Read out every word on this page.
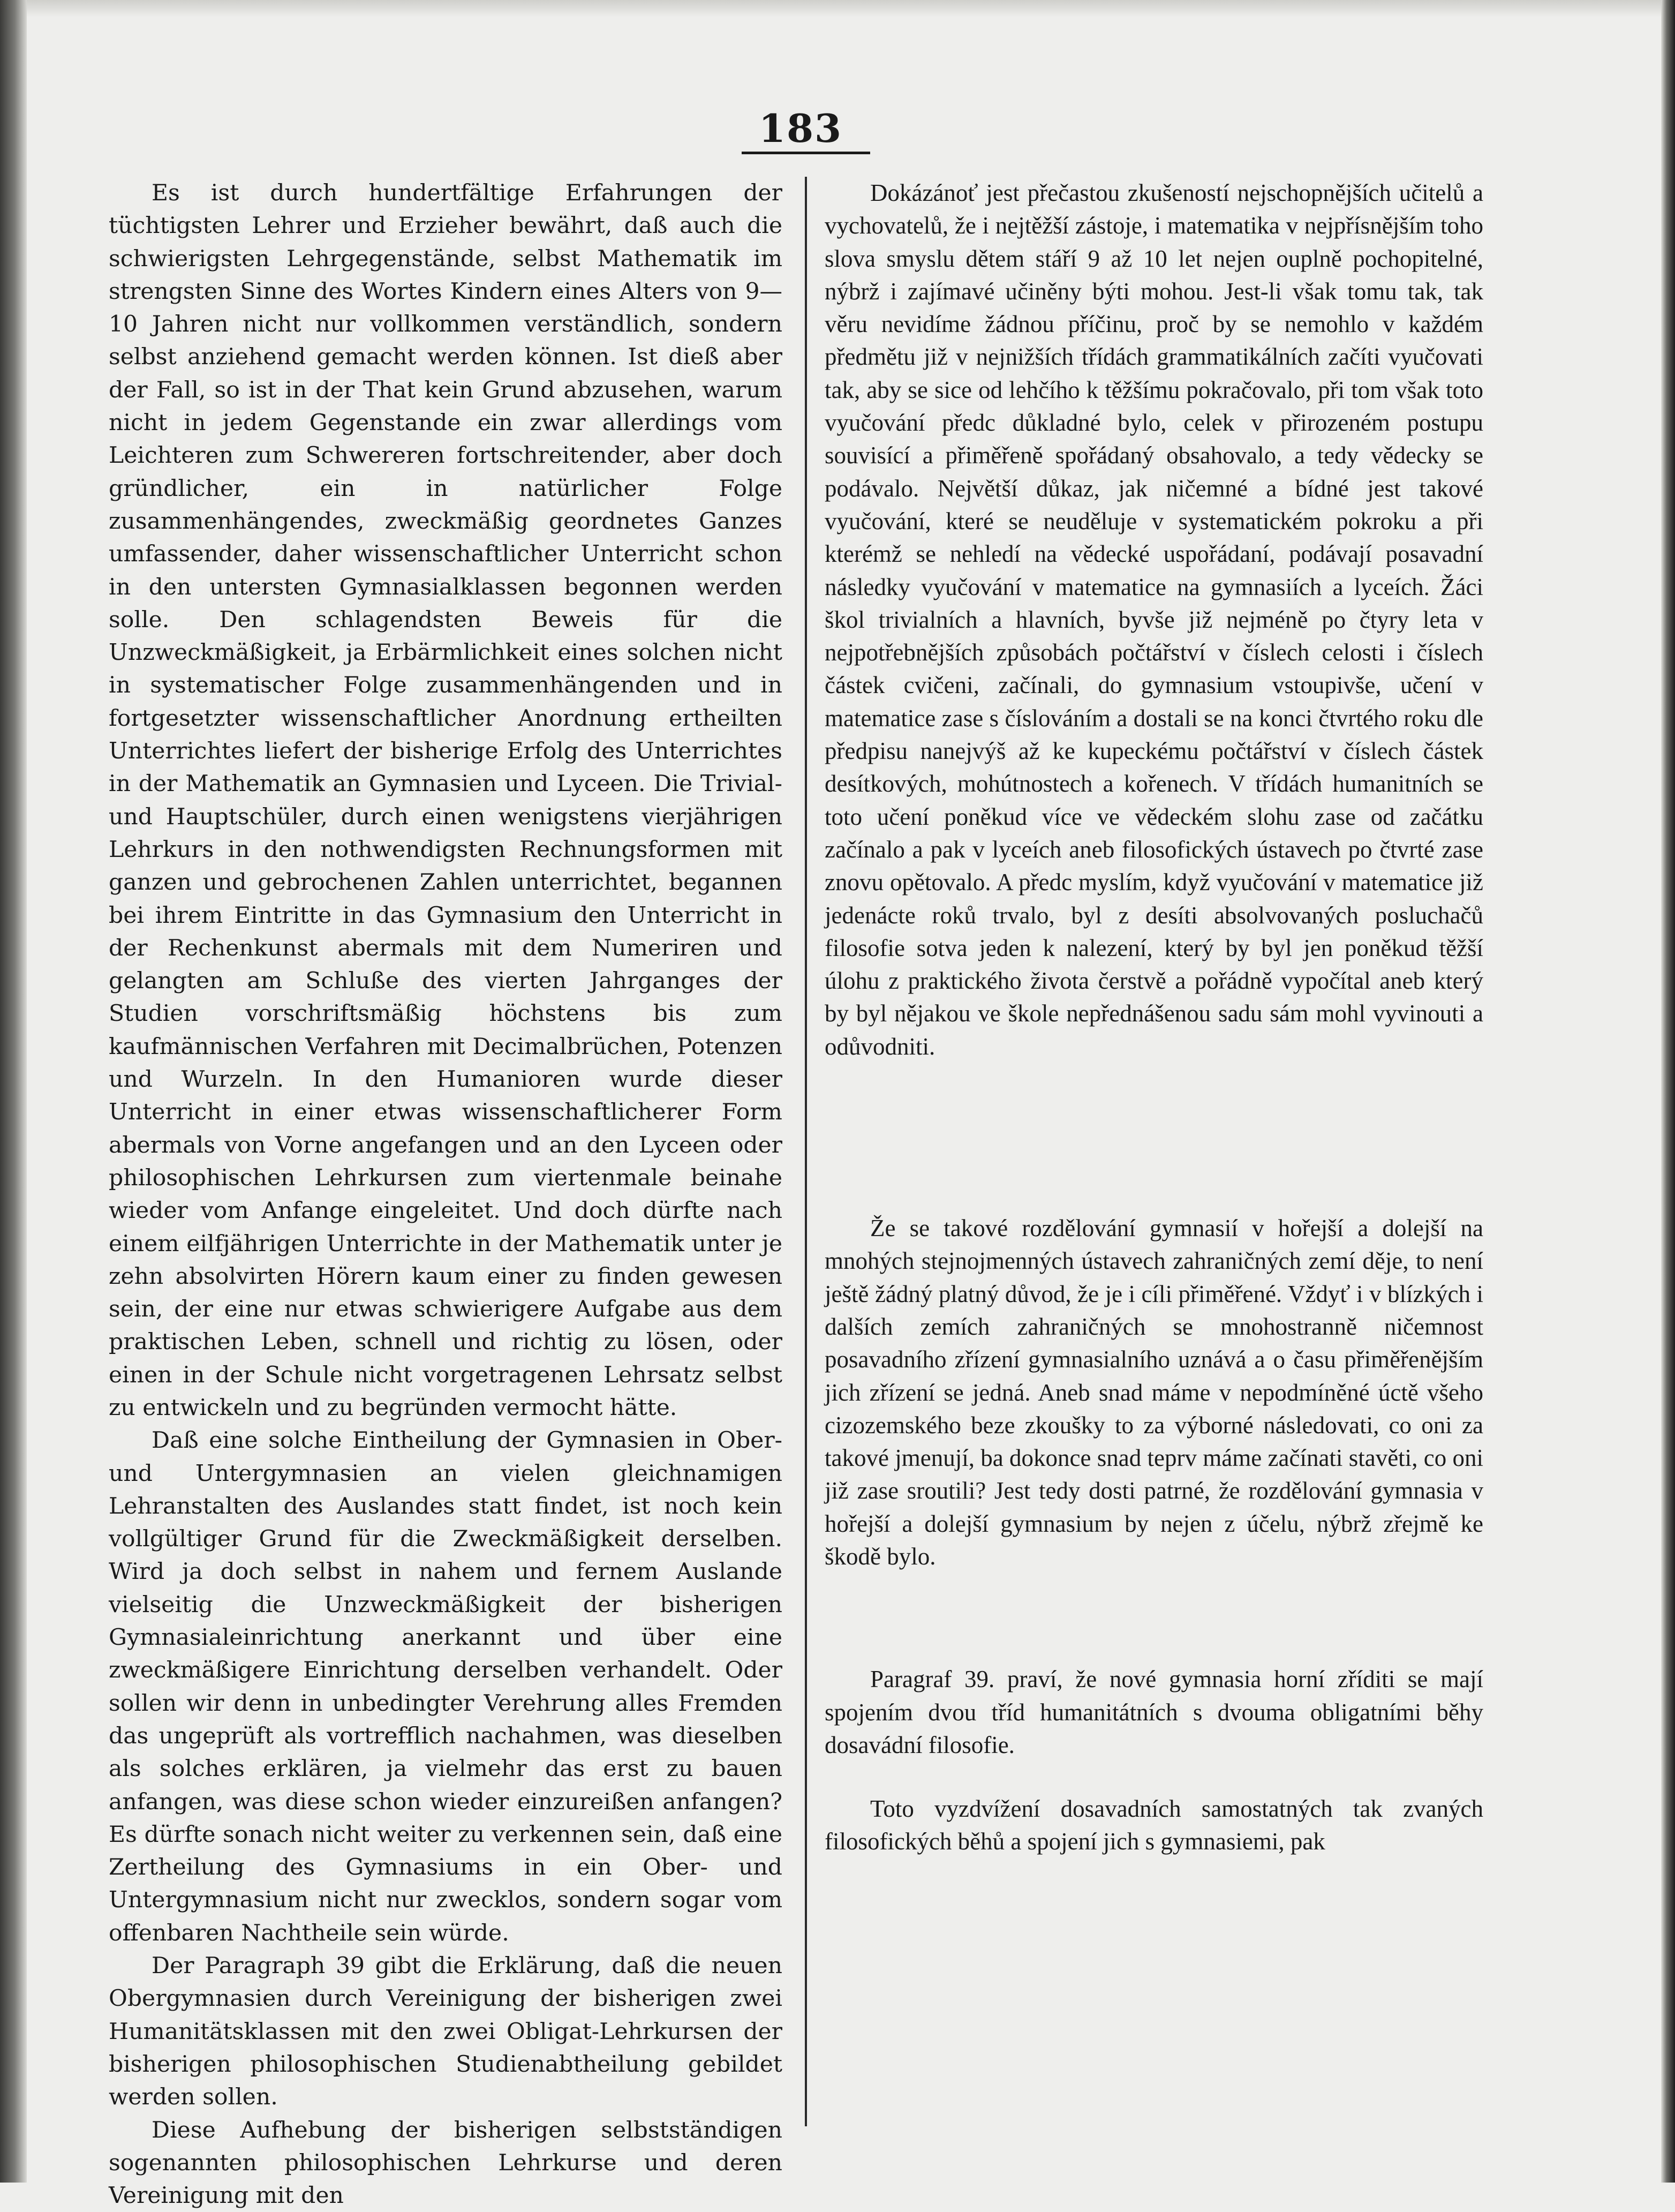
183

Es ist durch hundertfältige Erfahrungen der tüchtigsten Lehrer und Erzieher bewährt, daß auch die schwierigsten Lehrgegenstände, selbst Mathematik im strengsten Sinne des Wortes Kindern eines Alters von 9—10 Jahren nicht nur vollkommen verständlich, sondern selbst anziehend gemacht werden können. Ist dieß aber der Fall, so ist in der That kein Grund abzusehen, warum nicht in jedem Gegenstande ein zwar allerdings vom Leichteren zum Schwereren fortschreitender, aber doch gründlicher, ein in natürlicher Folge zusammenhängendes, zweckmäßig geordnetes Ganzes umfassender, daher wissenschaftlicher Unterricht schon in den untersten Gymnasialklassen begonnen werden solle. Den schlagendsten Beweis für die Unzweckmäßigkeit, ja Erbärmlichkeit eines solchen nicht in systematischer Folge zusammenhängenden und in fortgesetzter wissenschaftlicher Anordnung ertheilten Unterrichtes liefert der bisherige Erfolg des Unterrichtes in der Mathematik an Gymnasien und Lyceen. Die Trivial- und Hauptschüler, durch einen wenigstens vierjährigen Lehrkurs in den nothwendigsten Rechnungsformen mit ganzen und gebrochenen Zahlen unterrichtet, begannen bei ihrem Eintritte in das Gymnasium den Unterricht in der Rechenkunst abermals mit dem Numeriren und gelangten am Schluße des vierten Jahrganges der Studien vorschriftsmäßig höchstens bis zum kaufmännischen Verfahren mit Decimalbrüchen, Potenzen und Wurzeln. In den Humanioren wurde dieser Unterricht in einer etwas wissenschaftlicherer Form abermals von Vorne angefangen und an den Lyceen oder philosophischen Lehrkursen zum viertenmale beinahe wieder vom Anfange eingeleitet. Und doch dürfte nach einem eilfjährigen Unterrichte in der Mathematik unter je zehn absolvirten Hörern kaum einer zu finden gewesen sein, der eine nur etwas schwierigere Aufgabe aus dem praktischen Leben, schnell und richtig zu lösen, oder einen in der Schule nicht vorgetragenen Lehrsatz selbst zu entwickeln und zu begründen vermocht hätte.

Daß eine solche Eintheilung der Gymnasien in Ober- und Untergymnasien an vielen gleichnamigen Lehranstalten des Auslandes statt findet, ist noch kein vollgültiger Grund für die Zweckmäßigkeit derselben. Wird ja doch selbst in nahem und fernem Auslande vielseitig die Unzweckmäßigkeit der bisherigen Gymnasialeinrichtung anerkannt und über eine zweckmäßigere Einrichtung derselben verhandelt. Oder sollen wir denn in unbedingter Verehrung alles Fremden das ungeprüft als vortrefflich nachahmen, was dieselben als solches erklären, ja vielmehr das erst zu bauen anfangen, was diese schon wieder einzureißen anfangen? Es dürfte sonach nicht weiter zu verkennen sein, daß eine Zertheilung des Gymnasiums in ein Ober- und Untergymnasium nicht nur zwecklos, sondern sogar vom offenbaren Nachtheile sein würde.

Der Paragraph 39 gibt die Erklärung, daß die neuen Obergymnasien durch Vereinigung der bisherigen zwei Humanitätsklassen mit den zwei Obligat-Lehrkursen der bisherigen philosophischen Studienabtheilung gebildet werden sollen.

Diese Aufhebung der bisherigen selbstständigen sogenannten philosophischen Lehrkurse und deren Vereinigung mit den

Dokázánoť jest přečastou zkušeností nejschopnějších učitelů a vychovatelů, že i nejtěžší zástoje, i matematika v nejpřísnějším toho slova smyslu dětem stáří 9 až 10 let nejen ouplně pochopitelné, nýbrž i zajímavé učiněny býti mohou. Jest-li však tomu tak, tak věru nevidíme žádnou příčinu, proč by se nemohlo v každém předmětu již v nejnižších třídách grammatikálních začíti vyučovati tak, aby se sice od lehčího k těžšímu pokračovalo, při tom však toto vyučování předc důkladné bylo, celek v přirozeném postupu souvisící a přiměřeně spořádaný obsahovalo, a tedy vědecky se podávalo. Největší důkaz, jak ničemné a bídné jest takové vyučování, které se neuděluje v systematickém pokroku a při kterémž se nehledí na vědecké uspořádaní, podávají posavadní následky vyučování v matematice na gymnasiích a lyceích. Žáci škol trivialních a hlavních, byvše již nejméně po čtyry leta v nejpotřebnějších způsobách počtářství v číslech celosti i číslech částek cvičeni, začínali, do gymnasium vstoupivše, učení v matematice zase s číslováním a dostali se na konci čtvrtého roku dle předpisu nanejvýš až ke kupeckému počtářství v číslech částek desítkových, mohútnostech a kořenech. V třídách humanitních se toto učení poněkud více ve vědeckém slohu zase od začátku začínalo a pak v lyceích aneb filosofických ústavech po čtvrté zase znovu opětovalo. A předc myslím, když vyučování v matematice již jedenácte roků trvalo, byl z desíti absolvovaných posluchačů filosofie sotva jeden k nalezení, který by byl jen poněkud těžší úlohu z praktického života čerstvě a pořádně vypočítal aneb který by byl nějakou ve škole nepřednášenou sadu sám mohl vyvinouti a odůvodniti.

Že se takové rozdělování gymnasií v hořejší a dolejší na mnohých stejnojmenných ústavech zahraničných zemí děje, to není ještě žádný platný důvod, že je i cíli přiměřené. Vždyť i v blízkých i dalších zemích zahraničných se mnohostranně ničemnost posavadního zřízení gymnasialního uznává a o času přiměřenějším jich zřízení se jedná. Aneb snad máme v nepodmíněné úctě všeho cizozemského beze zkoušky to za výborné následovati, co oni za takové jmenují, ba dokonce snad teprv máme začínati stavěti, co oni již zase sroutili? Jest tedy dosti patrné, že rozdělování gymnasia v hořejší a dolejší gymnasium by nejen z účelu, nýbrž zřejmě ke škodě bylo.

Paragraf 39. praví, že nové gymnasia horní zříditi se mají spojením dvou tříd humanitátních s dvouma obligatními běhy dosavádní filosofie.

Toto vyzdvížení dosavadních samostatných tak zvaných filosofických běhů a spojení jich s gymnasiemi, pak
